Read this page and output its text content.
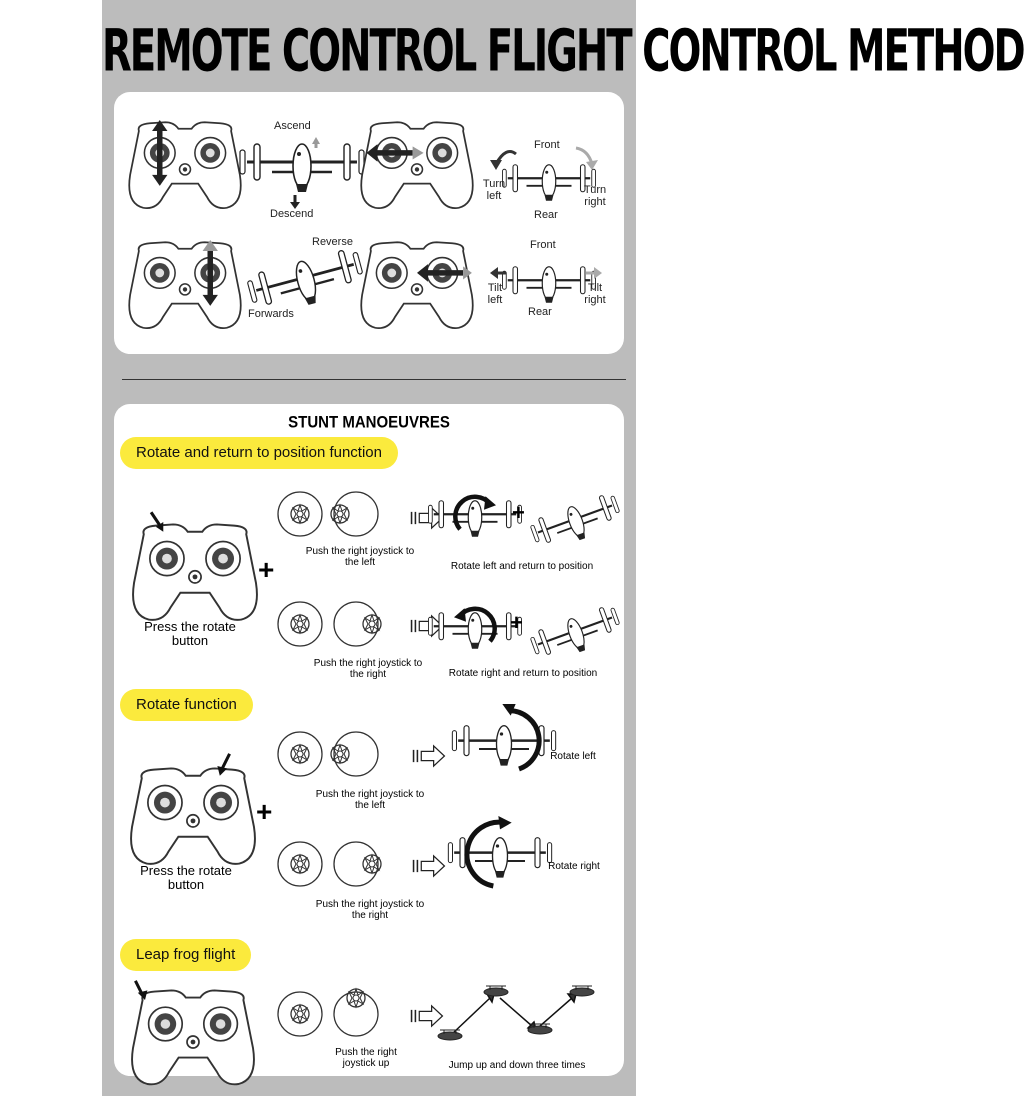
REMOTE CONTROL FLIGHT CONTROL METHOD
Ascend
Descend
Front
Turn left	Turn right
Rear
Reverse
Forwards
Front
Tilt left
Tilt right
Rear
STUNT MANOEUVRES
Rotate and return to position function
Press the rotate button
+
Push the right joystick to the left
+
Rotate left and return to position
Push the right joystick to the right
+
Rotate right and return to position
Rotate function
Press the rotate button
+
Push the right joystick to the left
Rotate left
Push the right joystick to the right
Rotate right
Leap frog flight
Push the right joystick up	Jump up and down three times
